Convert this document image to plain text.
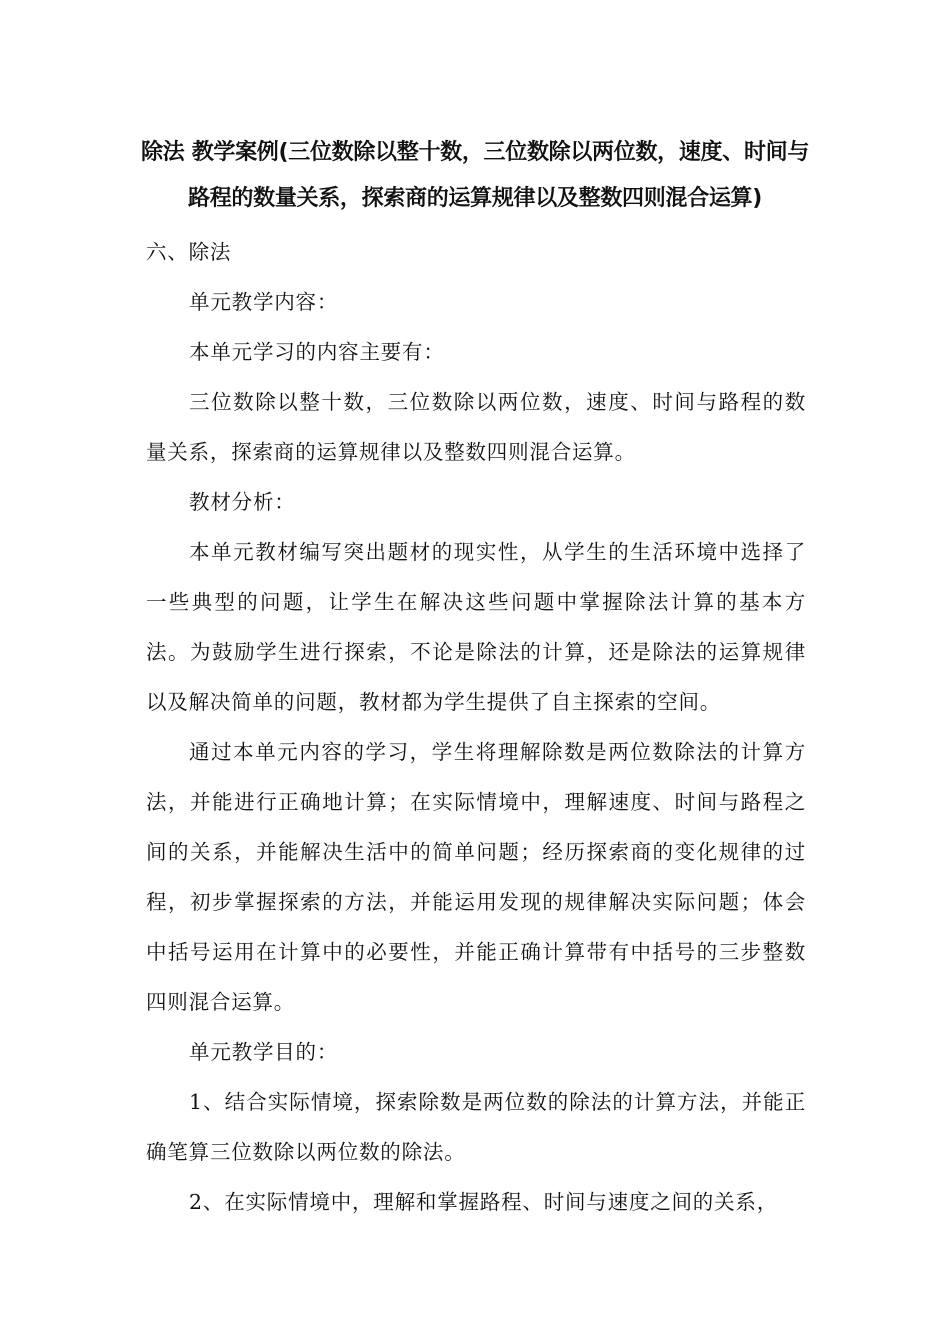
除法 教学案例(三位数除以整十数，三位数除以两位数，速度、时间与路程的数量关系，探索商的运算规律以及整数四则混合运算)

六、除法

单元教学内容：

本单元学习的内容主要有：

三位数除以整十数，三位数除以两位数，速度、时间与路程的数量关系，探索商的运算规律以及整数四则混合运算。

教材分析：

本单元教材编写突出题材的现实性，从学生的生活环境中选择了一些典型的问题，让学生在解决这些问题中掌握除法计算的基本方法。为鼓励学生进行探索，不论是除法的计算，还是除法的运算规律以及解决简单的问题，教材都为学生提供了自主探索的空间。

通过本单元内容的学习，学生将理解除数是两位数除法的计算方法，并能进行正确地计算；在实际情境中，理解速度、时间与路程之间的关系，并能解决生活中的简单问题；经历探索商的变化规律的过程，初步掌握探索的方法，并能运用发现的规律解决实际问题；体会中括号运用在计算中的必要性，并能正确计算带有中括号的三步整数四则混合运算。

单元教学目的：

1、结合实际情境，探索除数是两位数的除法的计算方法，并能正确笔算三位数除以两位数的除法。

2、在实际情境中，理解和掌握路程、时间与速度之间的关系，
